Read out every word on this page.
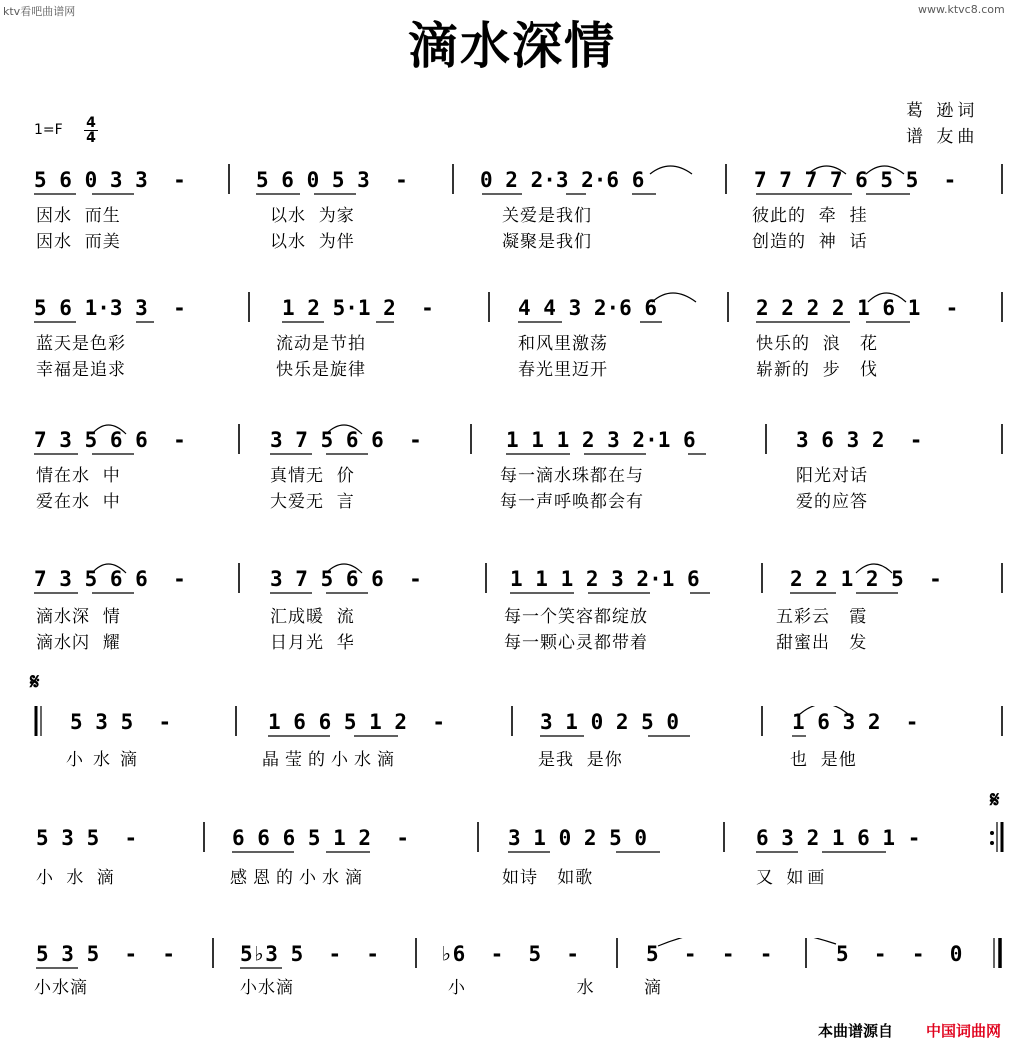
ktv看吧曲谱网	www.ktvc8.com
滴水深情
葛 逊词
谱 友曲
1=F 4
4
5 6 0 3 3  -	5 6 0 5 3  -	0 2 2·3 2·6 6	7 7 7 7 6 5 5  -
因水  而生	以水  为家	关爱是我们	彼此的  牵  挂
因水  而美	以水  为伴	凝聚是我们	创造的  神  话
5 6 1·3 3  -	1 2 5·1 2  -	4 4 3 2·6 6	2 2 2 2 1 6 1  -
蓝天是色彩	流动是节拍	和风里激荡	快乐的  浪   花
幸福是追求	快乐是旋律	春光里迈开	崭新的  步   伐
7 3 5 6 6  -	3 7 5 6 6  -	1 1 1 2 3 2·1 6	3 6 3 2  -
情在水  中	真情无  价	每一滴水珠都在与	阳光对话
爱在水  中	大爱无  言	每一声呼唤都会有	爱的应答
7 3 5 6 6  -	3 7 5 6 6  -	1 1 1 2 3 2·1 6	2 2 1 2 5  -
滴水深  情	汇成暖  流	每一个笑容都绽放	五彩云   霞
滴水闪  耀	日月光  华	每一颗心灵都带着	甜蜜出   发
𝄋
5 3 5  -	1 6 6 5 1 2  -	3 1 0 2 5 0	1 6 3 2  -
小水滴	晶莹的小水滴	是我  是你	也  是他
𝄋
5 3 5  -	6 6 6 5 1 2  -	3 1 0 2 5 0	6 3 2 1 6 1 -
小 水 滴	感恩的小水滴	如诗   如歌	又 如画
5 3 5  -  -	5♭3 5  -  -	♭6  -  5  -	5  -  -  -	5  -  -  0
小水滴	小水滴	小    水 滴
本曲谱源自 中国词曲网
